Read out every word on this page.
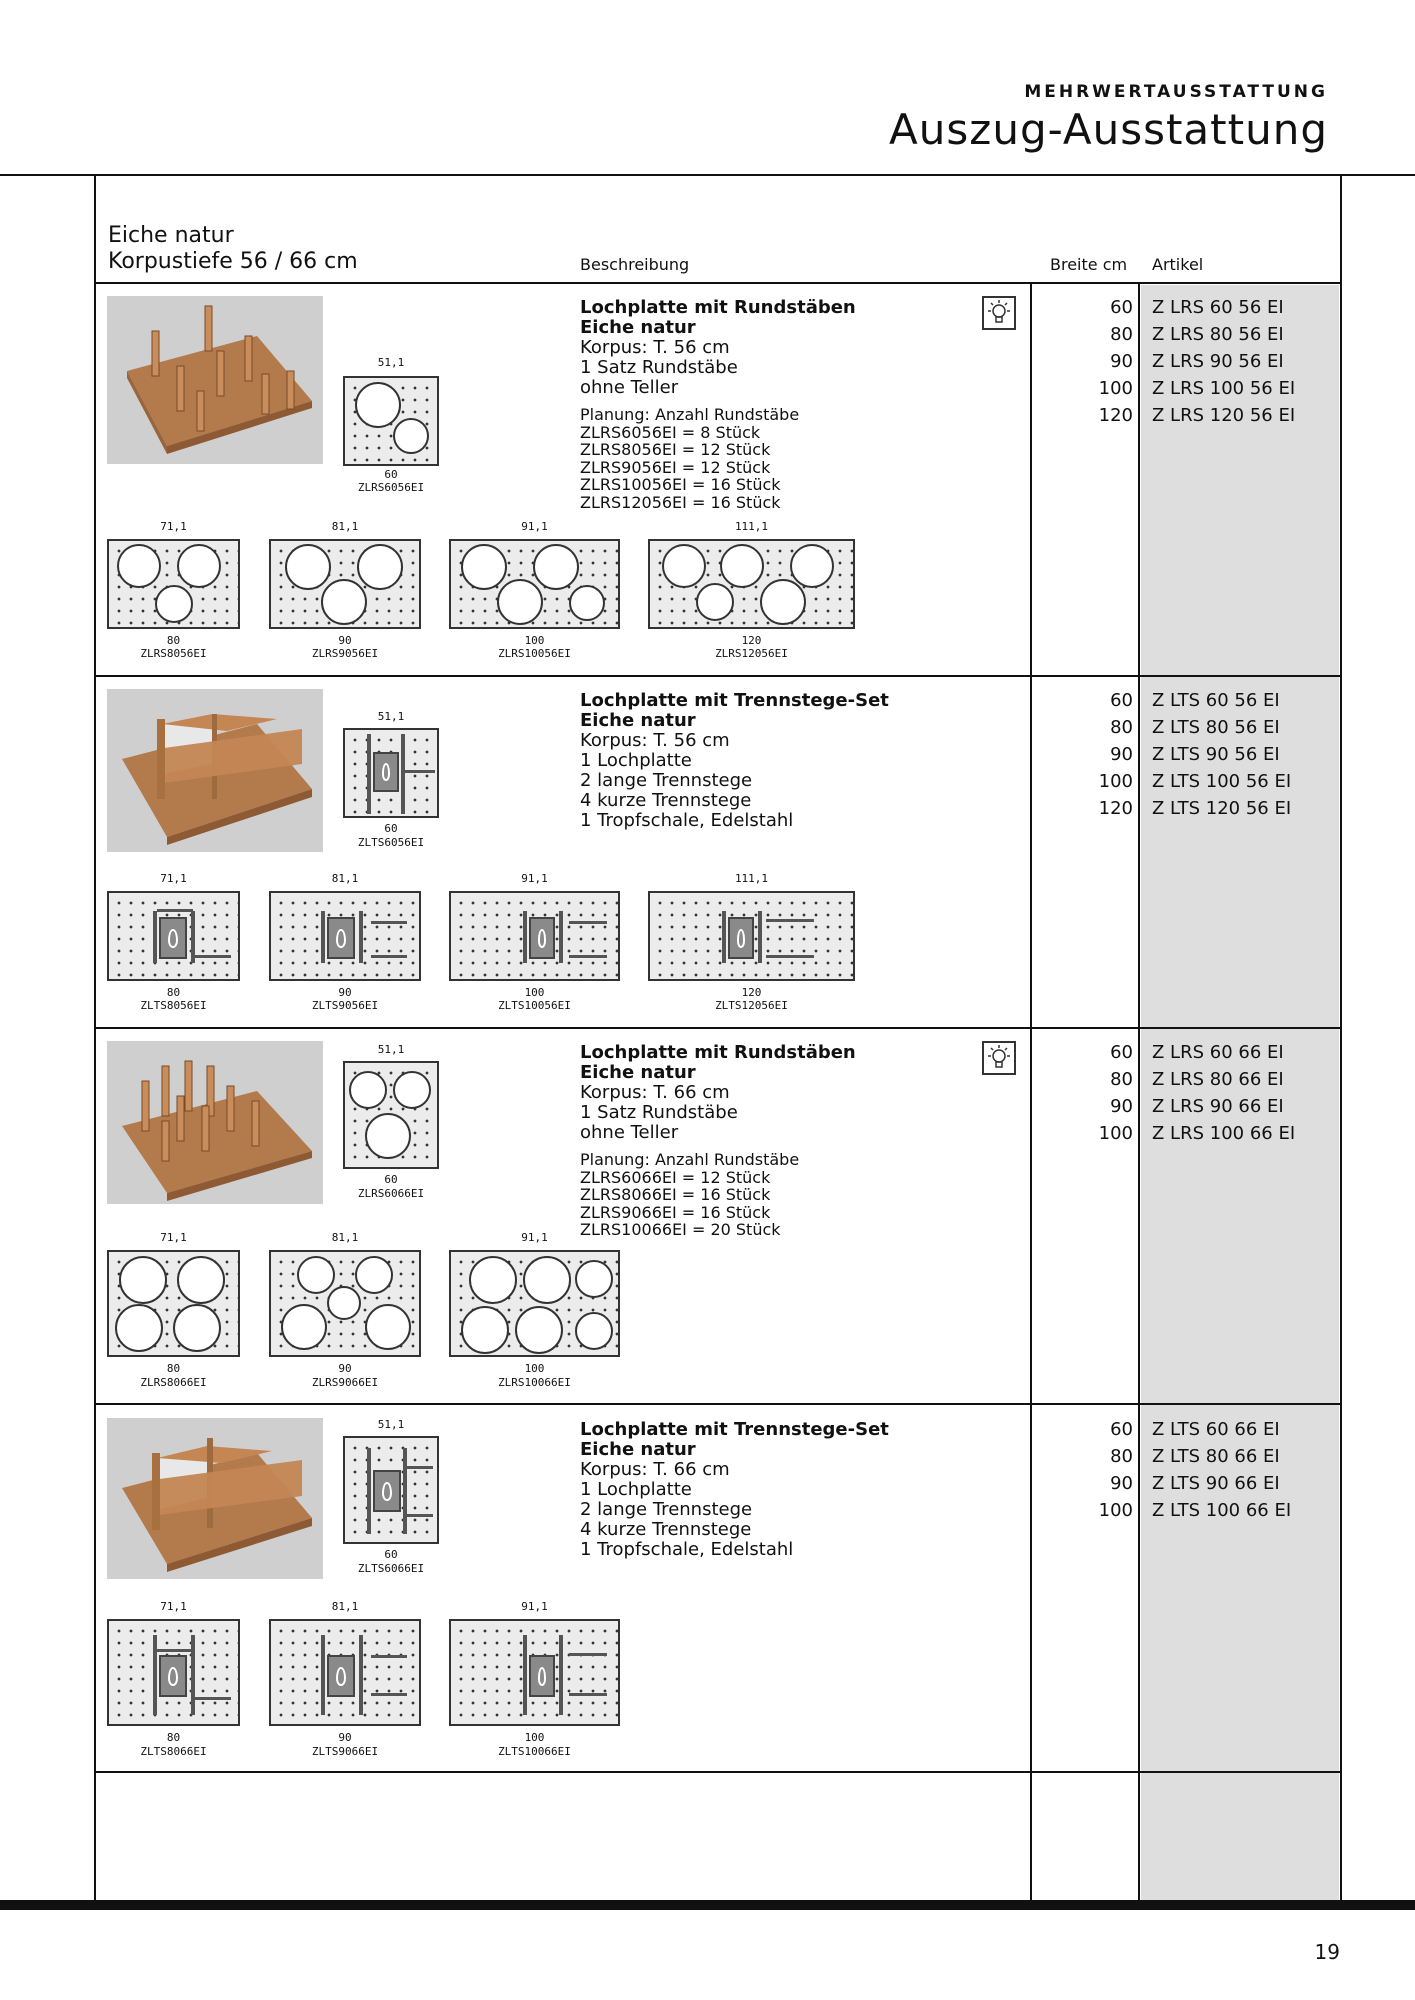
MEHRWERTAUSSTATTUNG
Auszug-Ausstattung
Eiche natur
Korpustiefe 56 / 66 cm	Beschreibung	Breite cm Artikel
Lochplatte mit Rundstäben
Eiche natur
Korpus: T. 56 cm
1 Satz Rundstäbe
ohne Teller
Planung: Anzahl Rundstäbe
ZLRS6056EI = 8 Stück
ZLRS8056EI = 12 Stück
ZLRS9056EI = 12 Stück
ZLRS10056EI = 16 Stück
ZLRS12056EI = 16 Stück
60
80
90
100
120
Z LRS 60 56 EI
Z LRS 80 56 EI
Z LRS 90 56 EI
Z LRS 100 56 EI
Z LRS 120 56 EI
51,1
60
ZLRS6056EI
71,1
80
ZLRS8056EI
81,1
90
ZLRS9056EI
91,1
100
ZLRS10056EI
111,1
120
ZLRS12056EI
Lochplatte mit Trennstege-Set
Eiche natur
Korpus: T. 56 cm
1 Lochplatte
2 lange Trennstege
4 kurze Trennstege
1 Tropfschale, Edelstahl
60
80
90
100
120
Z LTS 60 56 EI
Z LTS 80 56 EI
Z LTS 90 56 EI
Z LTS 100 56 EI
Z LTS 120 56 EI
51,1
60
ZLTS6056EI
71,1
80
ZLTS8056EI
81,1
90
ZLTS9056EI
91,1
100
ZLTS10056EI
111,1
120
ZLTS12056EI
Lochplatte mit Rundstäben
Eiche natur
Korpus: T. 66 cm
1 Satz Rundstäbe
ohne Teller
Planung: Anzahl Rundstäbe
ZLRS6066EI = 12 Stück
ZLRS8066EI = 16 Stück
ZLRS9066EI = 16 Stück
ZLRS10066EI = 20 Stück
60
80
90
100
Z LRS 60 66 EI
Z LRS 80 66 EI
Z LRS 90 66 EI
Z LRS 100 66 EI
51,1
60
ZLRS6066EI
71,1
80
ZLRS8066EI
81,1
90
ZLRS9066EI
91,1
100
ZLRS10066EI
Lochplatte mit Trennstege-Set
Eiche natur
Korpus: T. 66 cm
1 Lochplatte
2 lange Trennstege
4 kurze Trennstege
1 Tropfschale, Edelstahl
60
80
90
100
Z LTS 60 66 EI
Z LTS 80 66 EI
Z LTS 90 66 EI
Z LTS 100 66 EI
51,1
60
ZLTS6066EI
71,1
80
ZLTS8066EI
81,1
90
ZLTS9066EI
91,1
100
ZLTS10066EI
19
